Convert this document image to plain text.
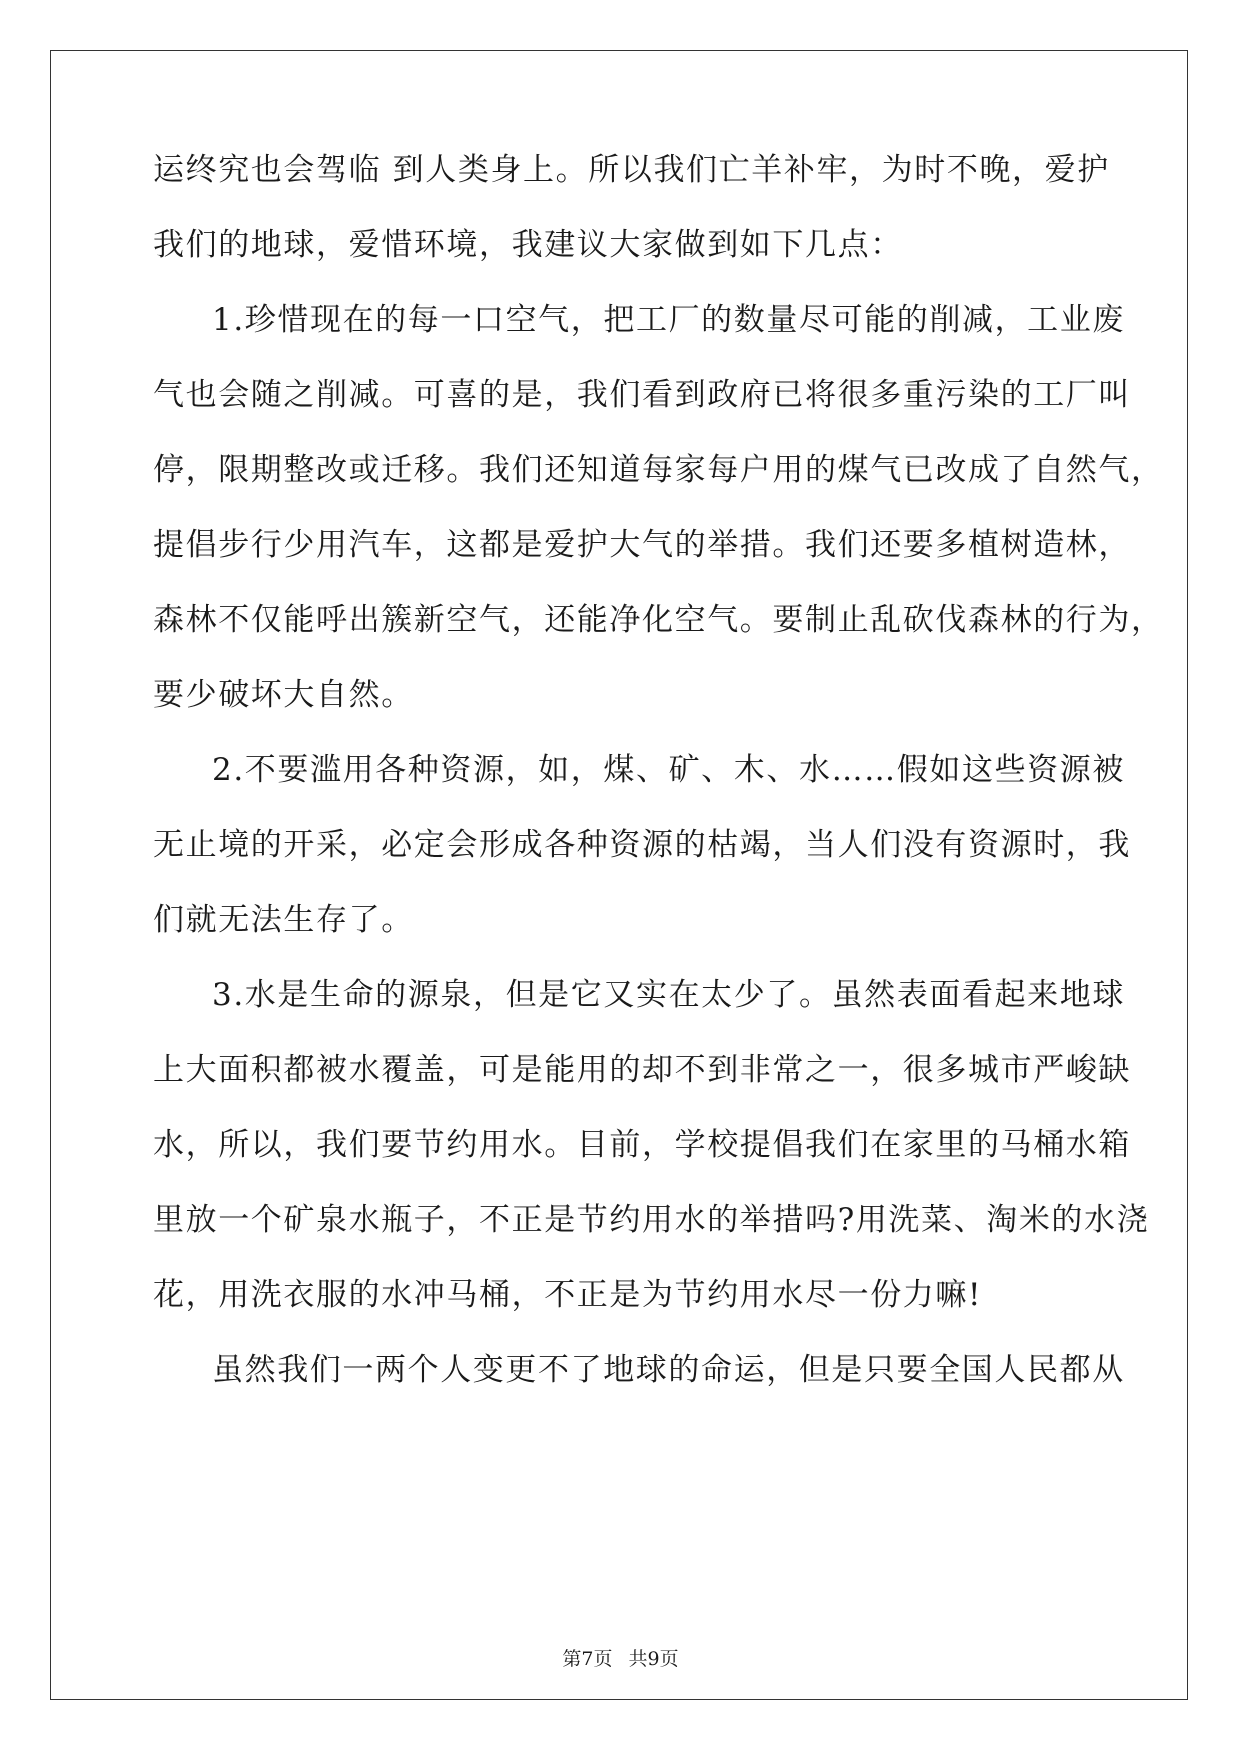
运终究也会驾临 到人类身上。所以我们亡羊补牢，为时不晚，爱护
我们的地球，爱惜环境，我建议大家做到如下几点：
1.珍惜现在的每一口空气，把工厂的数量尽可能的削减，工业废
气也会随之削减。可喜的是，我们看到政府已将很多重污染的工厂叫
停，限期整改或迁移。我们还知道每家每户用的煤气已改成了自然气，
提倡步行少用汽车，这都是爱护大气的举措。我们还要多植树造林，
森林不仅能呼出簇新空气，还能净化空气。要制止乱砍伐森林的行为，
要少破坏大自然。
2.不要滥用各种资源，如，煤、矿、木、水……假如这些资源被
无止境的开采，必定会形成各种资源的枯竭，当人们没有资源时，我
们就无法生存了。
3.水是生命的源泉，但是它又实在太少了。虽然表面看起来地球
上大面积都被水覆盖，可是能用的却不到非常之一，很多城市严峻缺
水，所以，我们要节约用水。目前，学校提倡我们在家里的马桶水箱
里放一个矿泉水瓶子，不正是节约用水的举措吗?用洗菜、淘米的水浇
花，用洗衣服的水冲马桶，不正是为节约用水尽一份力嘛!
虽然我们一两个人变更不了地球的命运，但是只要全国人民都从
第7页 共9页
